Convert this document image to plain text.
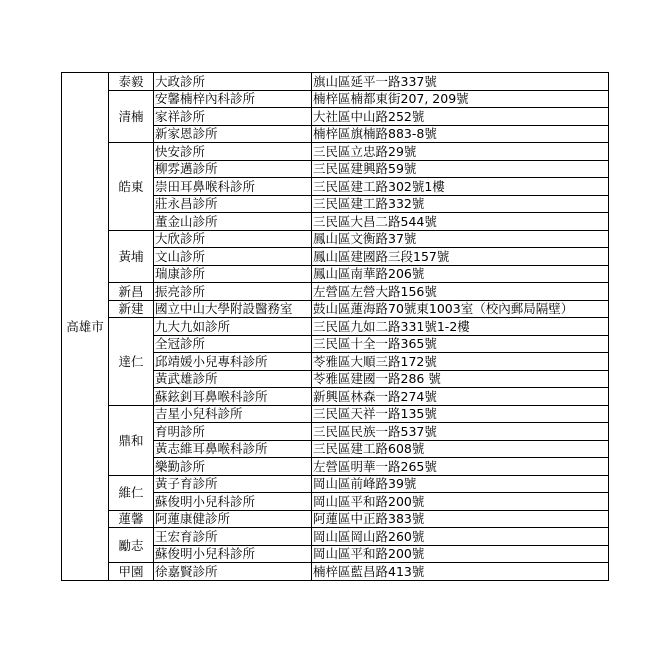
高雄市	泰毅	大政診所	旗山區延平一路337號
	清楠	安馨楠梓內科診所	楠梓區楠都東街207, 209號
		家祥診所	大社區中山路252號
		新家恩診所	楠梓區旗楠路883-8號
	皓東	快安診所	三民區立忠路29號
		柳雰邁診所	三民區建興路59號
		崇田耳鼻喉科診所	三民區建工路302號1樓
		莊永昌診所	三民區建工路332號
		董金山診所	三民區大昌二路544號
	黃埔	大欣診所	鳳山區文衡路37號
		文山診所	鳳山區建國路三段157號
		瑞康診所	鳳山區南華路206號
	新昌	振亮診所	左營區左營大路156號
	新建	國立中山大學附設醫務室	鼓山區蓮海路70號東1003室（校內郵局隔壁）
	達仁	九大九如診所	三民區九如二路331號1-2樓
		全冠診所	三民區十全一路365號
		邱靖媛小兒專科診所	苓雅區大順三路172號
		黃武雄診所	苓雅區建國一路286 號
		蘇鉉釗耳鼻喉科診所	新興區林森一路274號
	鼎和	吉星小兒科診所	三民區天祥一路135號
		育明診所	三民區民族一路537號
		黃志維耳鼻喉科診所	三民區建工路608號
		樂勤診所	左營區明華一路265號
	維仁	黃子育診所	岡山區前峰路39號
		蘇俊明小兒科診所	岡山區平和路200號
	蓮馨	阿蓮康健診所	阿蓮區中正路383號
	勵志	王宏育診所	岡山區岡山路260號
		蘇俊明小兒科診所	岡山區平和路200號
	甲園	徐嘉賢診所	楠梓區藍昌路413號
